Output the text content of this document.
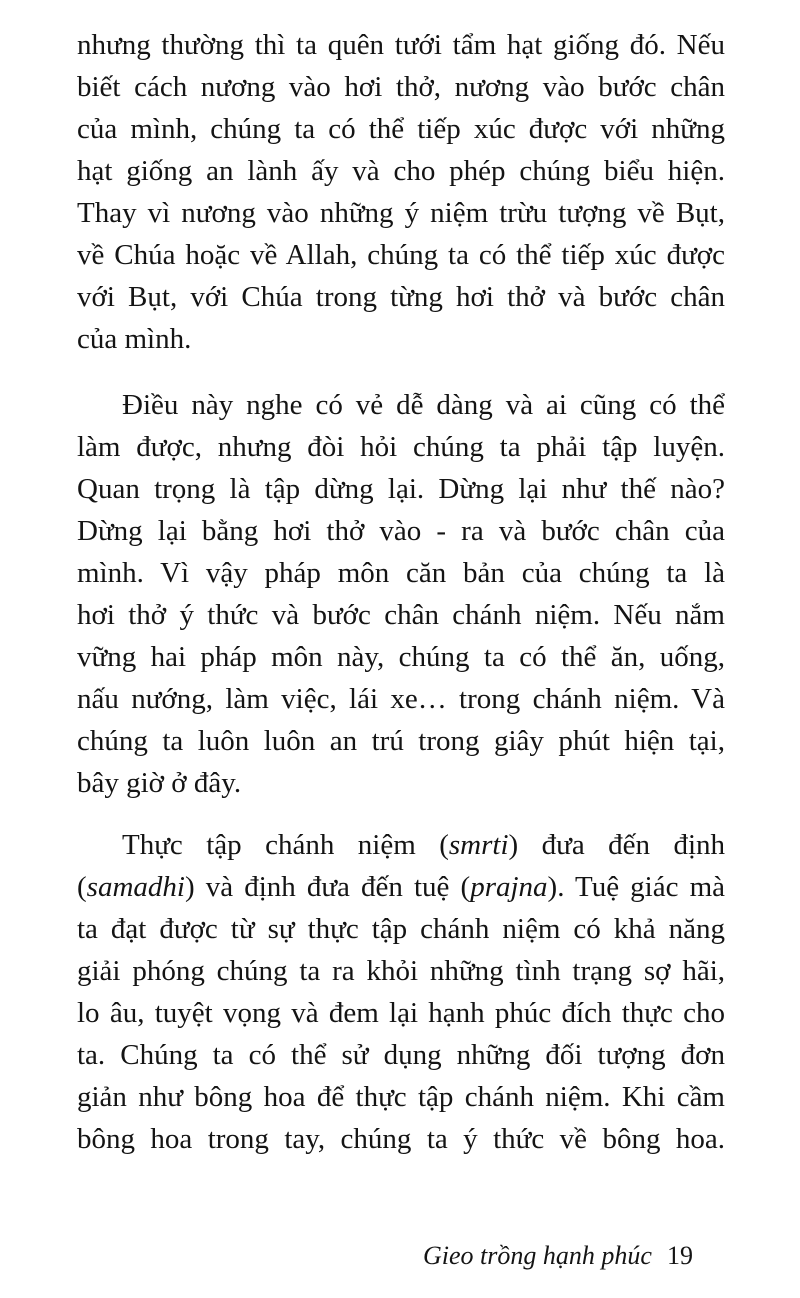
nhưng thường thì ta quên tưới tẩm hạt giống đó. Nếu
biết cách nương vào hơi thở, nương vào bước chân
của mình, chúng ta có thể tiếp xúc được với những
hạt giống an lành ấy và cho phép chúng biểu hiện.
Thay vì nương vào những ý niệm trừu tượng về Bụt,
về Chúa hoặc về Allah, chúng ta có thể tiếp xúc được
với Bụt, với Chúa trong từng hơi thở và bước chân
của mình.
Điều này nghe có vẻ dễ dàng và ai cũng có thể
làm được, nhưng đòi hỏi chúng ta phải tập luyện.
Quan trọng là tập dừng lại. Dừng lại như thế nào?
Dừng lại bằng hơi thở vào - ra và bước chân của
mình. Vì vậy pháp môn căn bản của chúng ta là
hơi thở ý thức và bước chân chánh niệm. Nếu nắm
vững hai pháp môn này, chúng ta có thể ăn, uống,
nấu nướng, làm việc, lái xe… trong chánh niệm. Và
chúng ta luôn luôn an trú trong giây phút hiện tại,
bây giờ ở đây.
Thực tập chánh niệm (smrti) đưa đến định
(samadhi) và định đưa đến tuệ (prajna). Tuệ giác mà
ta đạt được từ sự thực tập chánh niệm có khả năng
giải phóng chúng ta ra khỏi những tình trạng sợ hãi,
lo âu, tuyệt vọng và đem lại hạnh phúc đích thực cho
ta. Chúng ta có thể sử dụng những đối tượng đơn
giản như bông hoa để thực tập chánh niệm. Khi cầm
bông hoa trong tay, chúng ta ý thức về bông hoa.
Gieo trồng hạnh phúc 19
